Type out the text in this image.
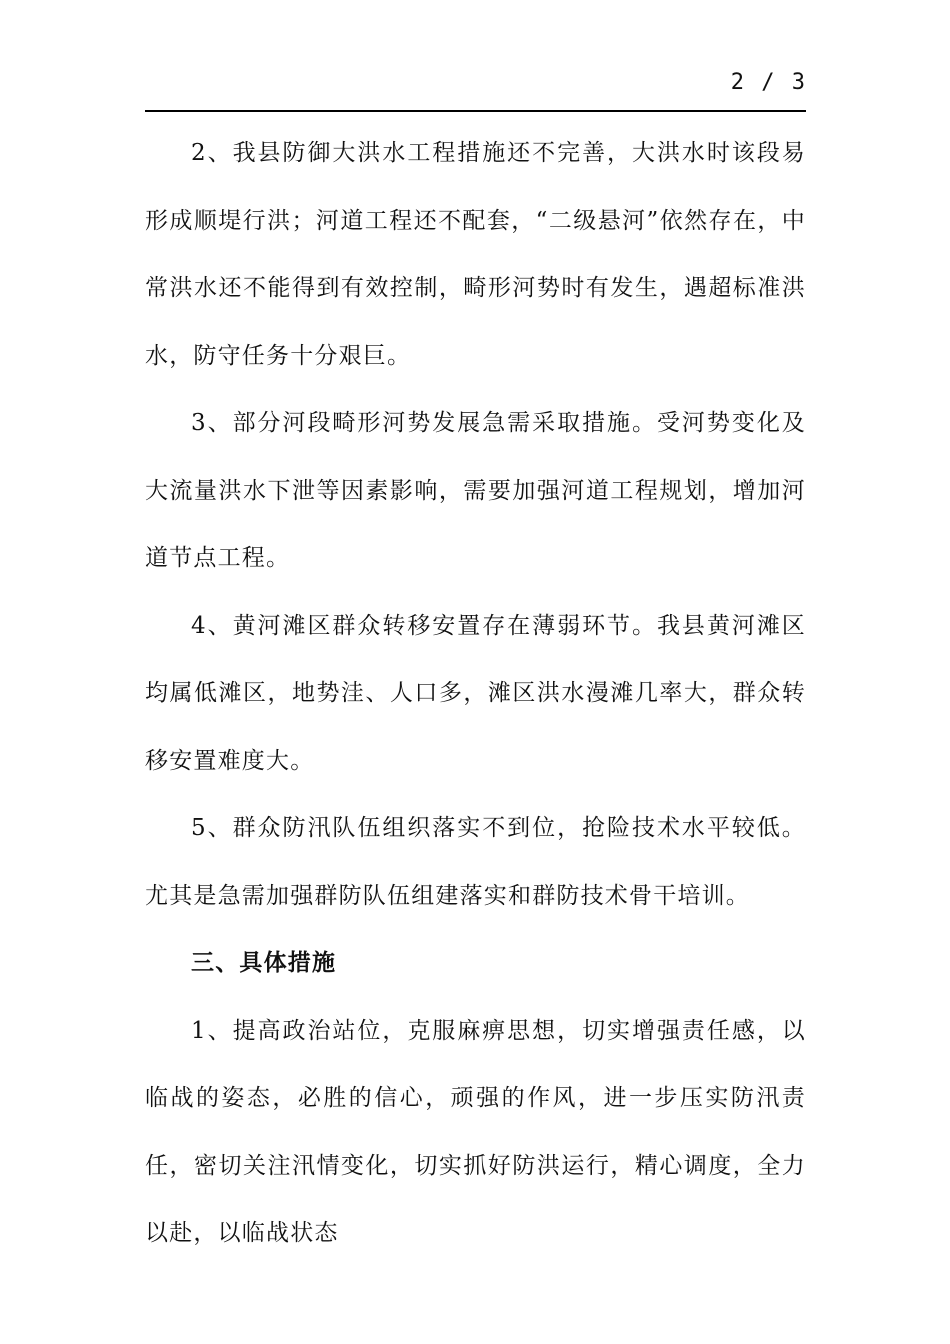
2 / 3

2、我县防御大洪水工程措施还不完善，大洪水时该段易形成顺堤行洪；河道工程还不配套，“二级悬河”依然存在，中常洪水还不能得到有效控制，畸形河势时有发生，遇超标准洪水，防守任务十分艰巨。

3、部分河段畸形河势发展急需采取措施。受河势变化及大流量洪水下泄等因素影响，需要加强河道工程规划，增加河道节点工程。

4、黄河滩区群众转移安置存在薄弱环节。我县黄河滩区均属低滩区，地势洼、人口多，滩区洪水漫滩几率大，群众转移安置难度大。

5、群众防汛队伍组织落实不到位，抢险技术水平较低。尤其是急需加强群防队伍组建落实和群防技术骨干培训。

三、具体措施

1、提高政治站位，克服麻痹思想，切实增强责任感，以临战的姿态，必胜的信心，顽强的作风，进一步压实防汛责任，密切关注汛情变化，切实抓好防洪运行，精心调度，全力以赴，以临战状态
